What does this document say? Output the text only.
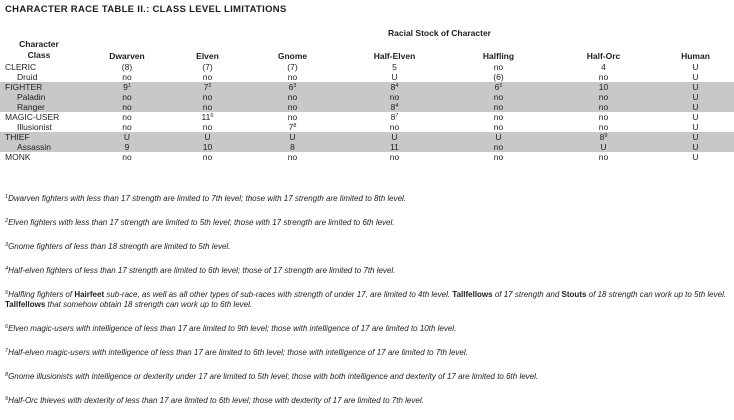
CHARACTER RACE TABLE II.: CLASS LEVEL LIMITATIONS
Racial Stock of Character
Character
Class
		Dwarven	Elven	Gnome	Half-Elven	Halfling	Half-Orc	Human
CLERIC	(8)	(7)	(7)	5	no	4	U
Druid	no	no	no	U	(6)	no	U
FIGHTER	$9^1$	$7^2$	$6^3$	$8^4$	$6^5$	10	U
Paladin	no	no	no	no	no	no	U
Ranger	no	no	no	$8^4$	no	no	U
MAGIC-USER	no	$11^6$	no	$8^7$	no	no	U
Illusionist	no	no	$7^8$	no	no	no	U
THIEF	U	U	U	U	U	$8^9$	U
Assassin	9	10	8	11	no	U	U
MONK	no	no	no	no	no	no	U

$^1$Dwarven fighters with less than 17 strength are limited to 7th level; those with 17 strength are limited to 8th level.

$^2$Elven fighters with less than 17 strength are limited to 5th level; those with 17 strength are limited to 6th level.

$^3$Gnome fighters of less than 18 strength are limited to 5th level.

$^4$Half-elven fighters of less than 17 strength are limited to 6th level; those of 17 strength are limited to 7th level.

$^5$Halfling fighters of Hairfeet sub-race, as well as all other types of sub-races with strength of under 17, are limited to 4th level. Tallfellows of 17 strength and Stouts of 18 strength can work up to 5th level. Tallfellows that somehow obtain 18 strength can work up to 6th level.

$^6$Elven magic-users with intelligence of less than 17 are limited to 9th level; those with intelligence of 17 are limited to 10th level.

$^7$Half-elven magic-users with intelligence of less than 17 are limited to 6th level; those with intelligence of 17 are limited to 7th level.

$^8$Gnome illusionists with intelligence or dexterity under 17 are limited to 5th level; those with both intelligence and dexterity of 17 are limited to 6th level.

$^9$Half-Orc thieves with dexterity of less than 17 are limited to 6th level; those with dexterity of 17 are limited to 7th level.
